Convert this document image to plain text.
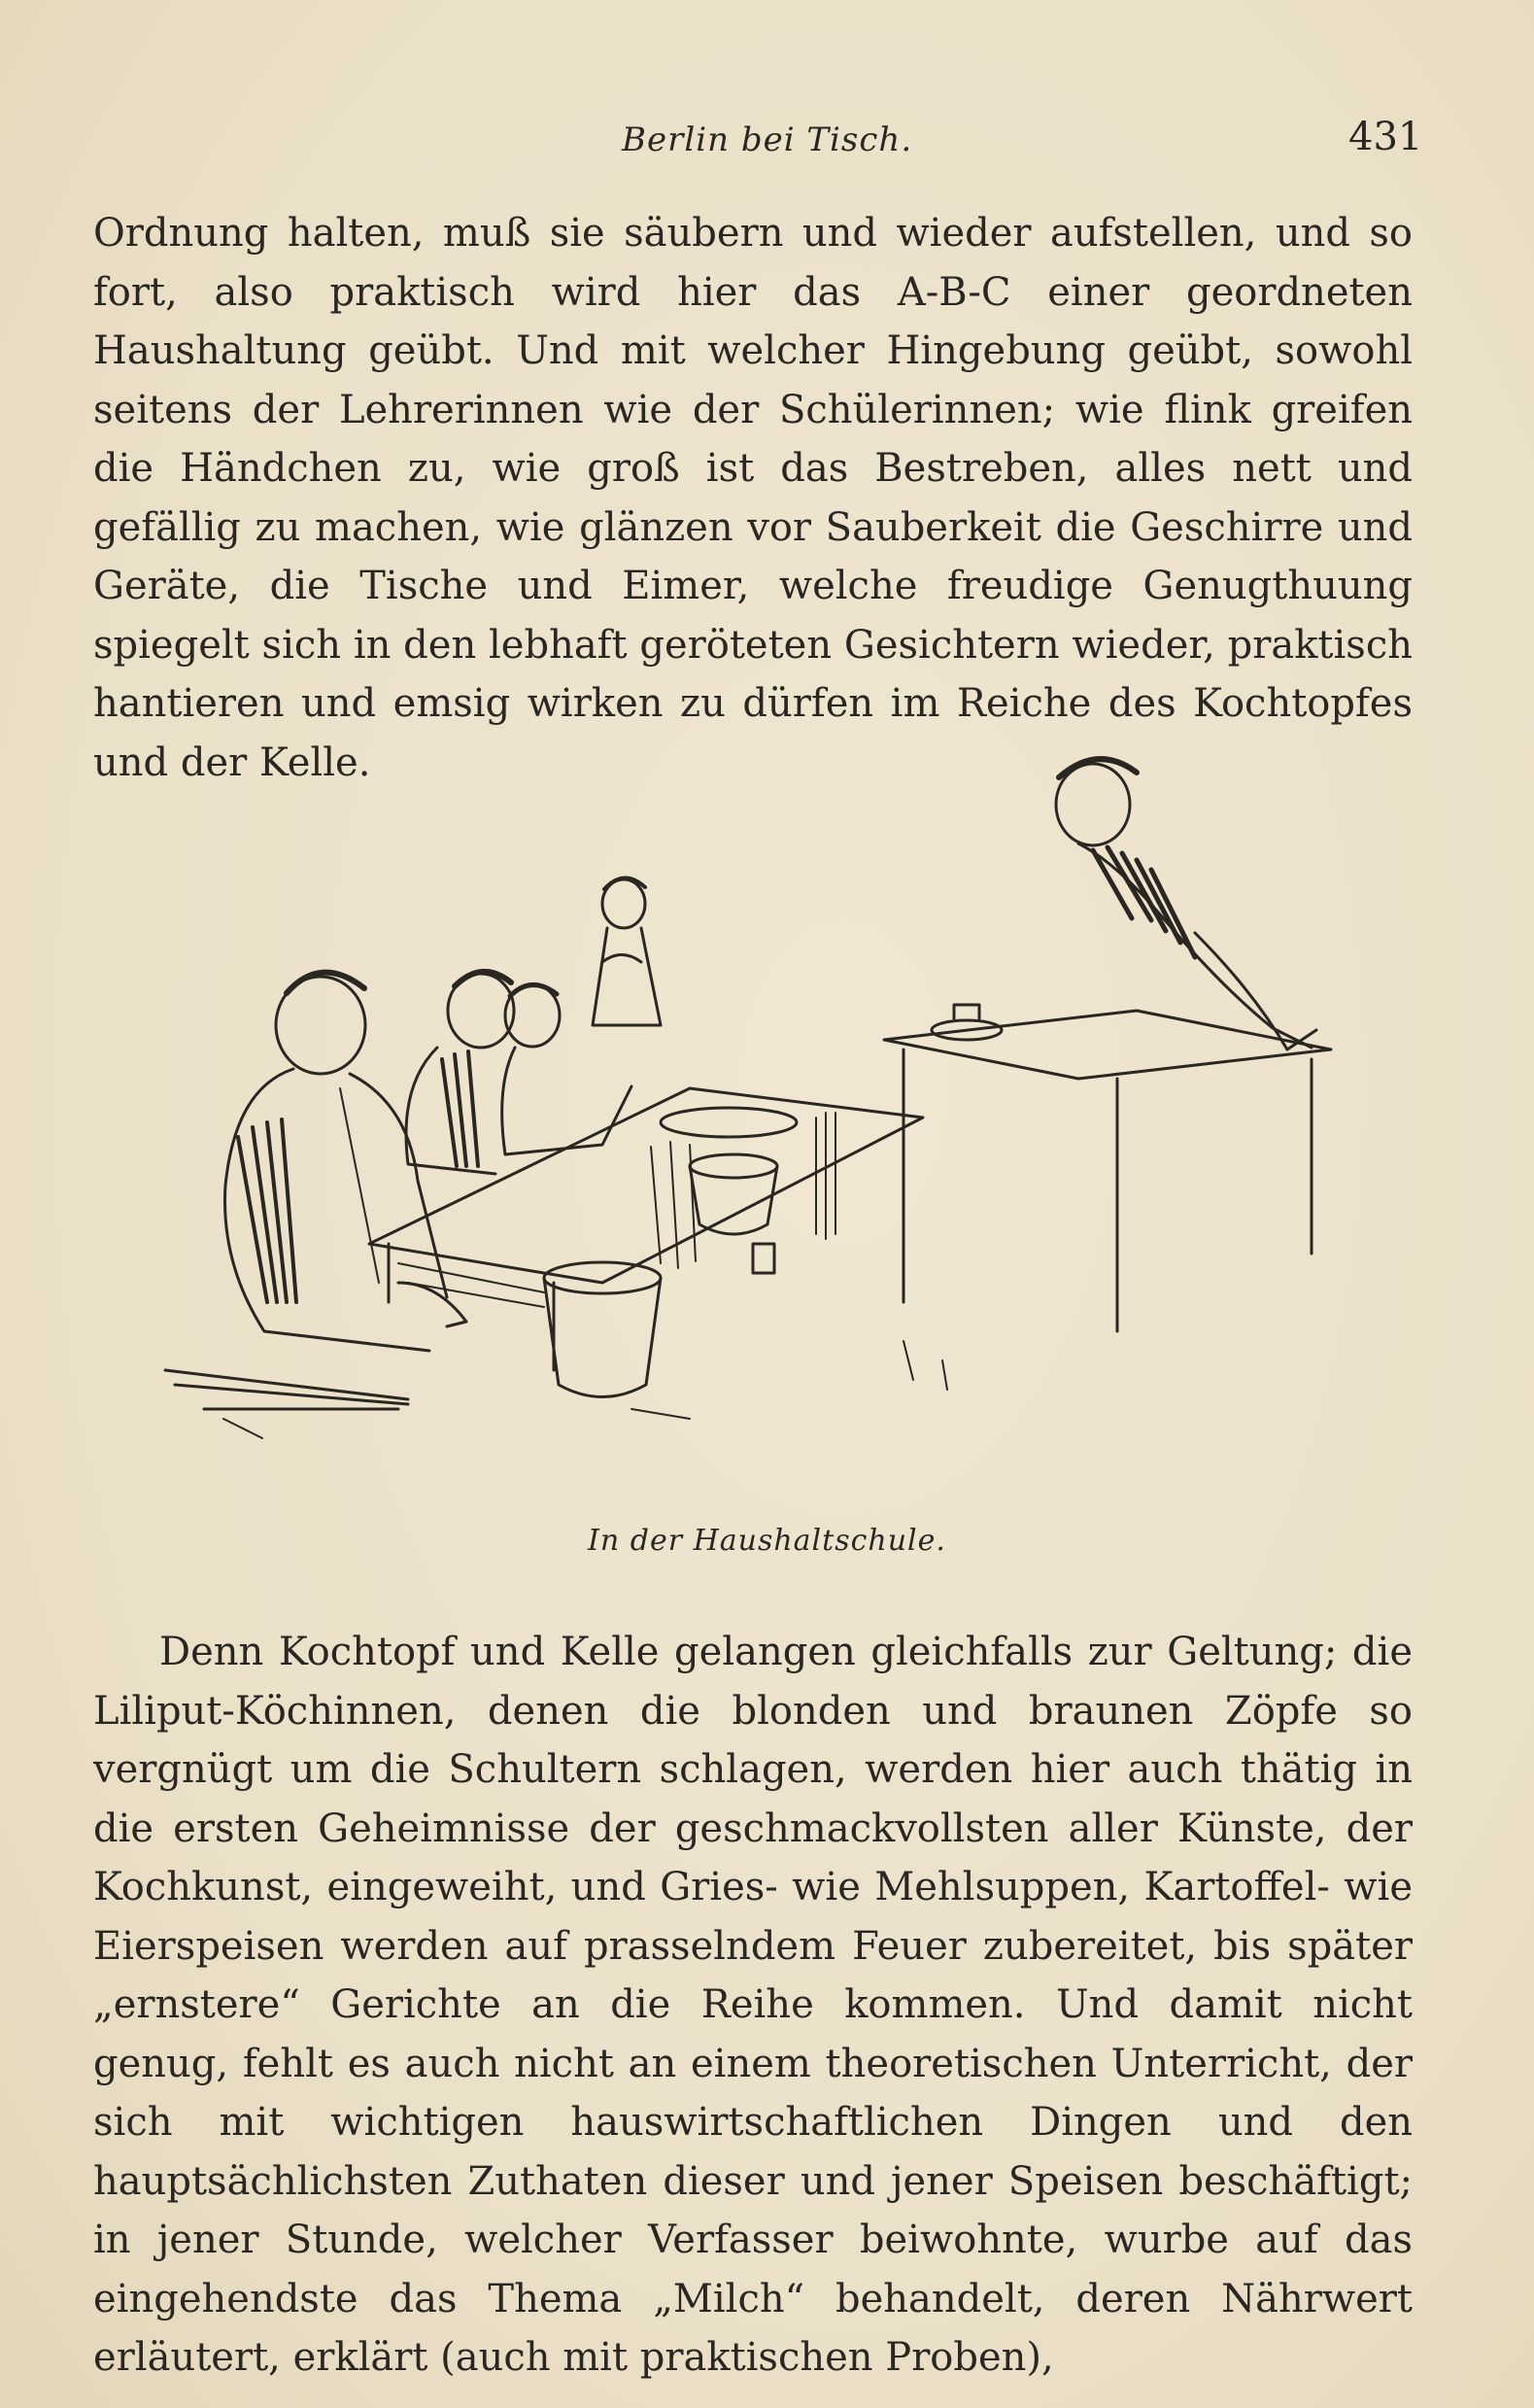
Berlin bei Tisch.	431

Ordnung halten, muß sie säubern und wieder aufstellen, und so fort, also praktisch wird hier das A-B-C einer geordneten Haushaltung geübt. Und mit welcher Hingebung geübt, sowohl seitens der Lehrerinnen wie der Schülerinnen; wie flink greifen die Händchen zu, wie groß ist das Bestreben, alles nett und gefällig zu machen, wie glänzen vor Sauberkeit die Geschirre und Geräte, die Tische und Eimer, welche freudige Genugthuung spiegelt sich in den lebhaft geröteten Gesichtern wieder, praktisch hantieren und emsig wirken zu dürfen im Reiche des Kochtopfes und der Kelle.

In der Haushaltschule.

Denn Kochtopf und Kelle gelangen gleichfalls zur Geltung; die Liliput-Köchinnen, denen die blonden und braunen Zöpfe so vergnügt um die Schultern schlagen, werden hier auch thätig in die ersten Geheimnisse der geschmackvollsten aller Künste, der Kochkunst, eingeweiht, und Gries- wie Mehlsuppen, Kartoffel- wie Eierspeisen werden auf prasselndem Feuer zubereitet, bis später „ernstere“ Gerichte an die Reihe kommen. Und damit nicht genug, fehlt es auch nicht an einem theoretischen Unterricht, der sich mit wichtigen hauswirtschaftlichen Dingen und den hauptsächlichsten Zuthaten dieser und jener Speisen beschäftigt; in jener Stunde, welcher Verfasser beiwohnte, wurbe auf das eingehendste das Thema „Milch“ behandelt, deren Nährwert erläutert, erklärt (auch mit praktischen Proben),
